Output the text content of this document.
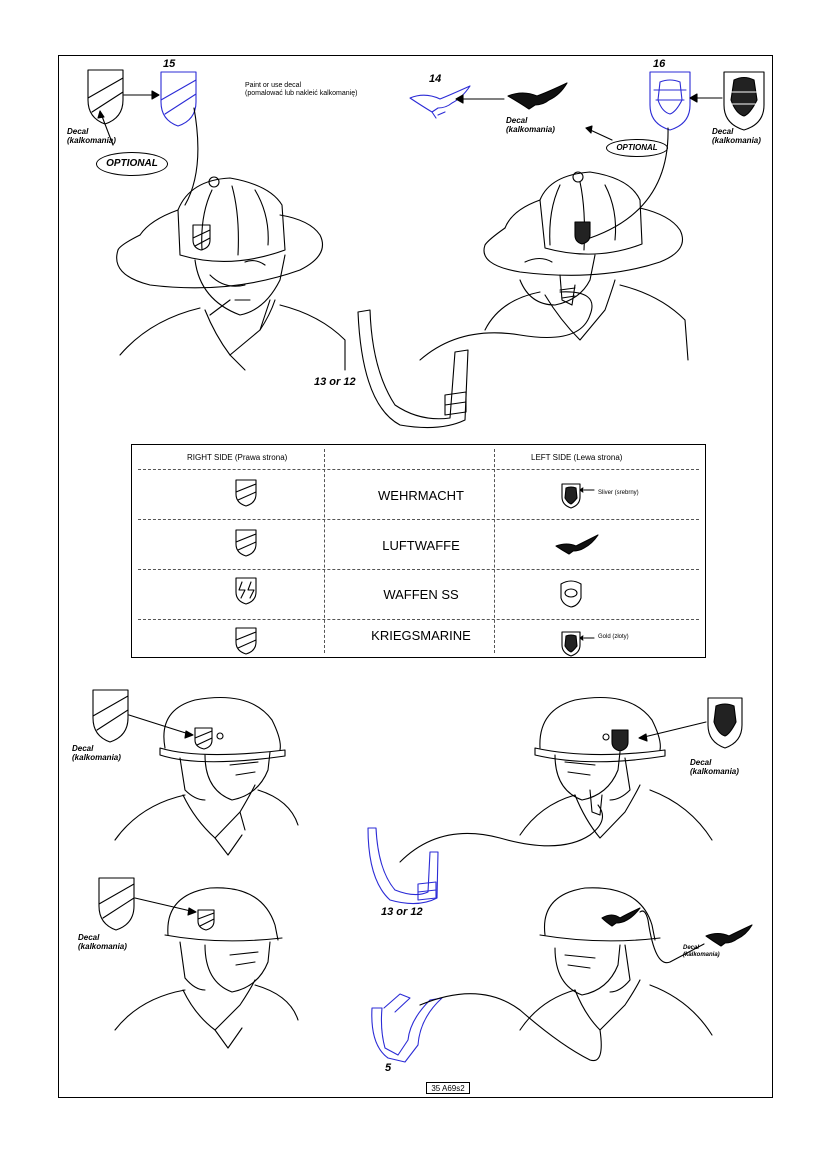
15
Decal
(kalkomania)
OPTIONAL
Paint or use decal
(pomalować lub nakleić kalkomanię)
14
Decal
(kalkomania)
16
Decal
(kalkomania)
OPTIONAL
13 or 12
RIGHT SIDE (Prawa strona)	LEFT SIDE (Lewa strona)
WEHRMACHT	Sliver (srebrny)
LUFTWAFFE
WAFFEN SS
KRIEGSMARINE	Gold (złoty)
Decal
(kalkomania)
Decal
(kalkomania)
Decal
(kalkomania)
Decal
(kalkomania)
13 or 12
5
35 A69s2
